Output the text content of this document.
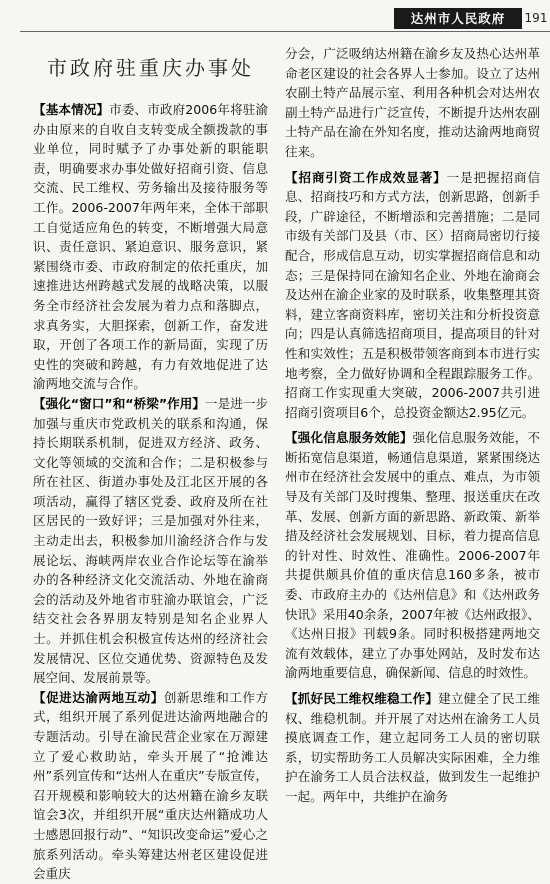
达州市人民政府	191
市政府驻重庆办事处

【基本情况】市委、市政府2006年将驻渝办由原来的自收自支转变成全额拨款的事业单位，同时赋予了办事处新的职能职责，明确要求办事处做好招商引资、信息交流、民工维权、劳务输出及接待服务等工作。2006-2007年两年来，全体干部职工自觉适应角色的转变，不断增强大局意识、责任意识、紧迫意识、服务意识，紧紧围绕市委、市政府制定的依托重庆，加速推进达州跨越式发展的战略决策，以服务全市经济社会发展为着力点和落脚点，求真务实，大胆探索，创新工作，奋发进取，开创了各项工作的新局面，实现了历史性的突破和跨越，有力有效地促进了达渝两地交流与合作。

【强化“窗口”和“桥梁”作用】一是进一步加强与重庆市党政机关的联系和沟通，保持长期联系机制，促进双方经济、政务、文化等领域的交流和合作；二是积极参与所在社区、街道办事处及江北区开展的各项活动，赢得了辖区党委、政府及所在社区居民的一致好评；三是加强对外往来，主动走出去，积极参加川渝经济合作与发展论坛、海峡两岸农业合作论坛等在渝举办的各种经济文化交流活动、外地在渝商会的活动及外地省市驻渝办联谊会，广泛结交社会各界朋友特别是知名企业界人士。并抓住机会积极宣传达州的经济社会发展情况、区位交通优势、资源特色及发展空间、发展前景等。

【促进达渝两地互动】创新思维和工作方式，组织开展了系列促进达渝两地融合的专题活动。引导在渝民营企业家在万源建立了爱心救助站，牵头开展了“抢滩达州”系列宣传和“达州人在重庆”专版宣传，召开规模和影响较大的达州籍在渝乡友联谊会3次，并组织开展“重庆达州籍成功人士感恩回报行动”、“知识改变命运”爱心之旅系列活动。牵头筹建达州老区建设促进会重庆

分会，广泛吸纳达州籍在渝乡友及热心达州革命老区建设的社会各界人士参加。设立了达州农副土特产品展示室、利用各种机会对达州农副土特产品进行广泛宣传，不断提升达州农副土特产品在渝在外知名度，推动达渝两地商贸往来。

【招商引资工作成效显著】一是把握招商信息、招商技巧和方式方法，创新思路，创新手段，广辟途径，不断增添和完善措施；二是同市级有关部门及县（市、区）招商局密切行接配合，形成信息互动，切实掌握招商信息和动态；三是保持同在渝知名企业、外地在渝商会及达州在渝企业家的及时联系，收集整理其资料，建立客商资料库，密切关注和分析投资意向；四是认真筛选招商项目，提高项目的针对性和实效性；五是积极带领客商到本市进行实地考察，全力做好协调和全程跟踪服务工作。招商工作实现重大突破，2006-2007共引进招商引资项目6个，总投资金额达2.95亿元。

【强化信息服务效能】强化信息服务效能，不断拓宽信息渠道，畅通信息渠道，紧紧围绕达州市在经济社会发展中的重点、难点，为市领导及有关部门及时搜集、整理、报送重庆在改革、发展、创新方面的新思路、新政策、新举措及经济社会发展规划、目标，着力提高信息的针对性、时效性、准确性。2006-2007年共提供颇具价值的重庆信息160多条，被市委、市政府主办的《达州信息》和《达州政务快讯》采用40余条，2007年被《达州政报》、《达州日报》刊载9条。同时积极搭建两地交流有效载体，建立了办事处网站，及时发布达渝两地重要信息，确保新闻、信息的时效性。

【抓好民工维权维稳工作】建立健全了民工维权、维稳机制。并开展了对达州在渝务工人员摸底调查工作，建立起同务工人员的密切联系，切实帮助务工人员解决实际困难，全力维护在渝务工人员合法权益，做到发生一起维护一起。两年中，共维护在渝务
